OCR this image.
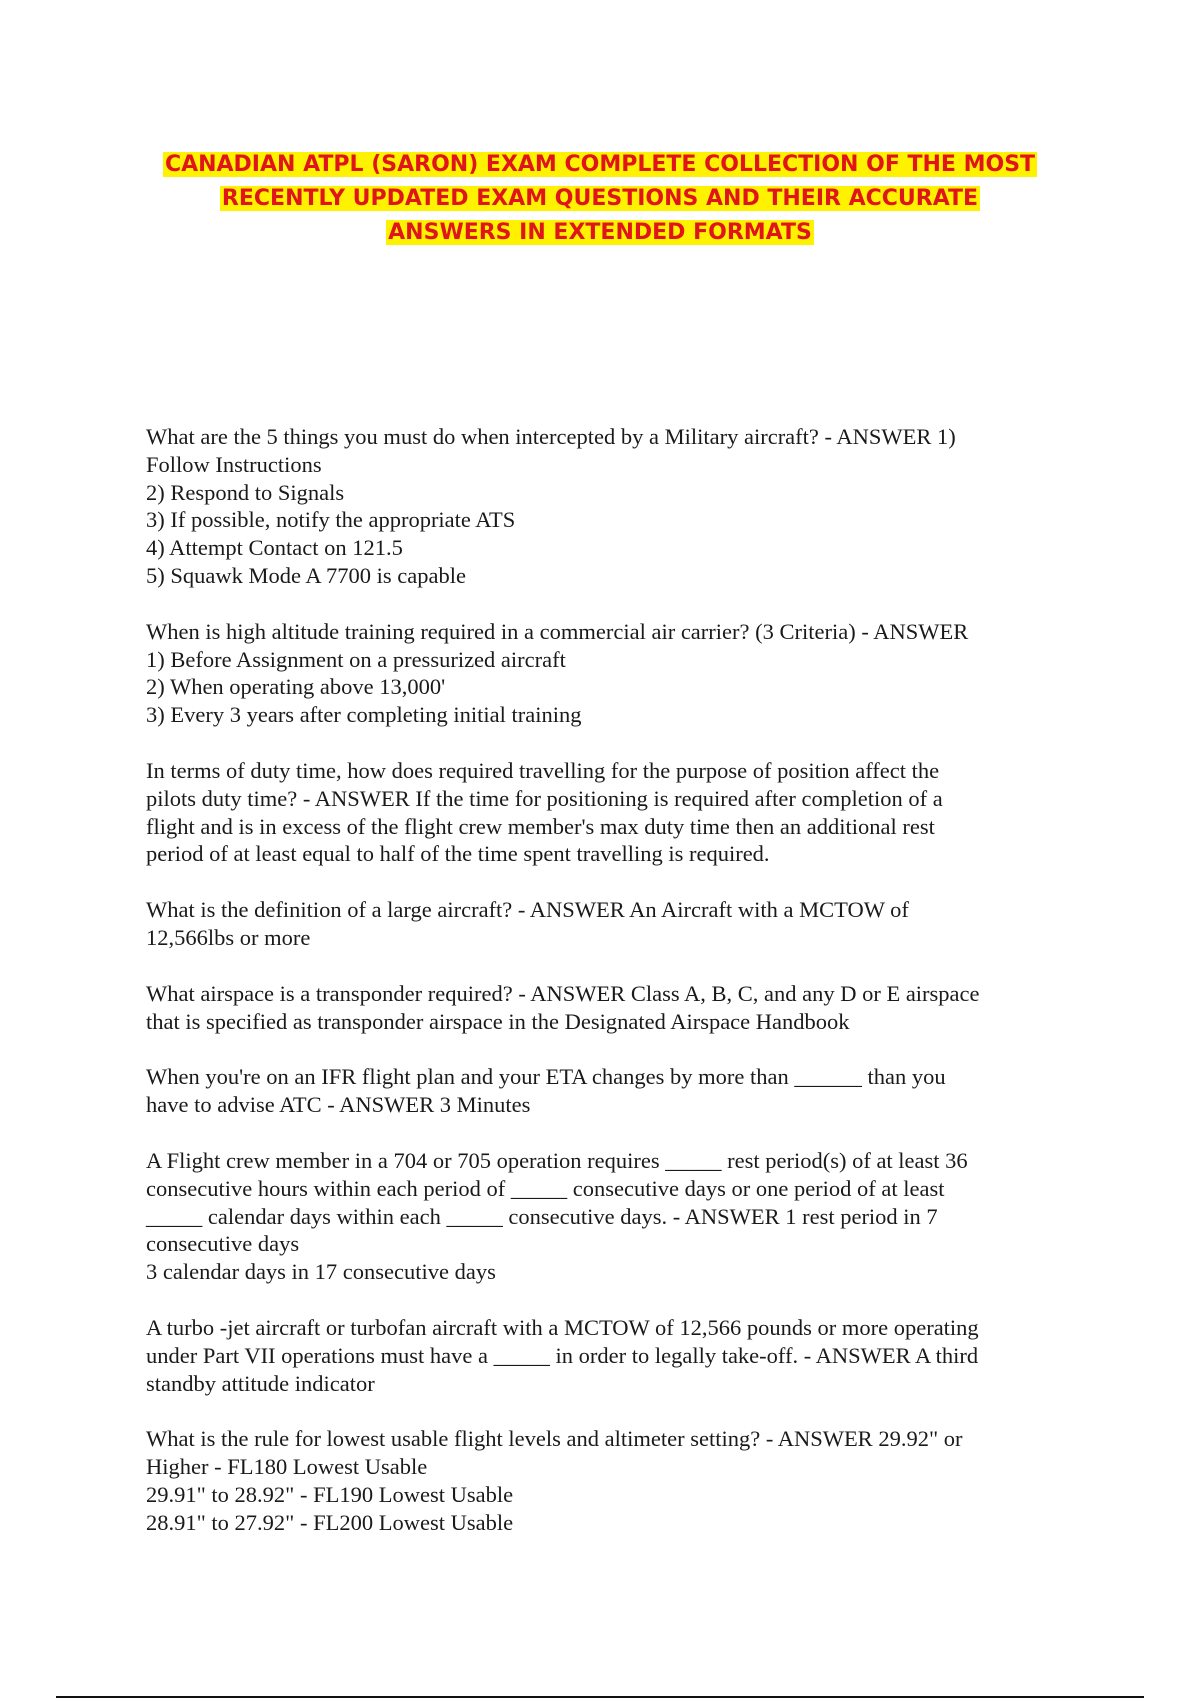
CANADIAN ATPL (SARON) EXAM COMPLETE COLLECTION OF THE MOST
RECENTLY UPDATED EXAM QUESTIONS AND THEIR ACCURATE
ANSWERS IN EXTENDED FORMATS

What are the 5 things you must do when intercepted by a Military aircraft? - ANSWER 1)

Follow Instructions

2) Respond to Signals

3) If possible, notify the appropriate ATS

4) Attempt Contact on 121.5

5) Squawk Mode A 7700 is capable

When is high altitude training required in a commercial air carrier? (3 Criteria) - ANSWER

1) Before Assignment on a pressurized aircraft

2) When operating above 13,000'

3) Every 3 years after completing initial training

In terms of duty time, how does required travelling for the purpose of position affect the

pilots duty time? - ANSWER If the time for positioning is required after completion of a

flight and is in excess of the flight crew member's max duty time then an additional rest

period of at least equal to half of the time spent travelling is required.

What is the definition of a large aircraft? - ANSWER An Aircraft with a MCTOW of

12,566lbs or more

What airspace is a transponder required? - ANSWER Class A, B, C, and any D or E airspace

that is specified as transponder airspace in the Designated Airspace Handbook

When you're on an IFR flight plan and your ETA changes by more than ______ than you

have to advise ATC - ANSWER 3 Minutes

A Flight crew member in a 704 or 705 operation requires _____ rest period(s) of at least 36

consecutive hours within each period of _____ consecutive days or one period of at least

_____ calendar days within each _____ consecutive days. - ANSWER 1 rest period in 7

consecutive days

3 calendar days in 17 consecutive days

A turbo -jet aircraft or turbofan aircraft with a MCTOW of 12,566 pounds or more operating

under Part VII operations must have a _____ in order to legally take-off. - ANSWER A third

standby attitude indicator

What is the rule for lowest usable flight levels and altimeter setting? - ANSWER 29.92" or

Higher - FL180 Lowest Usable

29.91" to 28.92" - FL190 Lowest Usable

28.91" to 27.92" - FL200 Lowest Usable
